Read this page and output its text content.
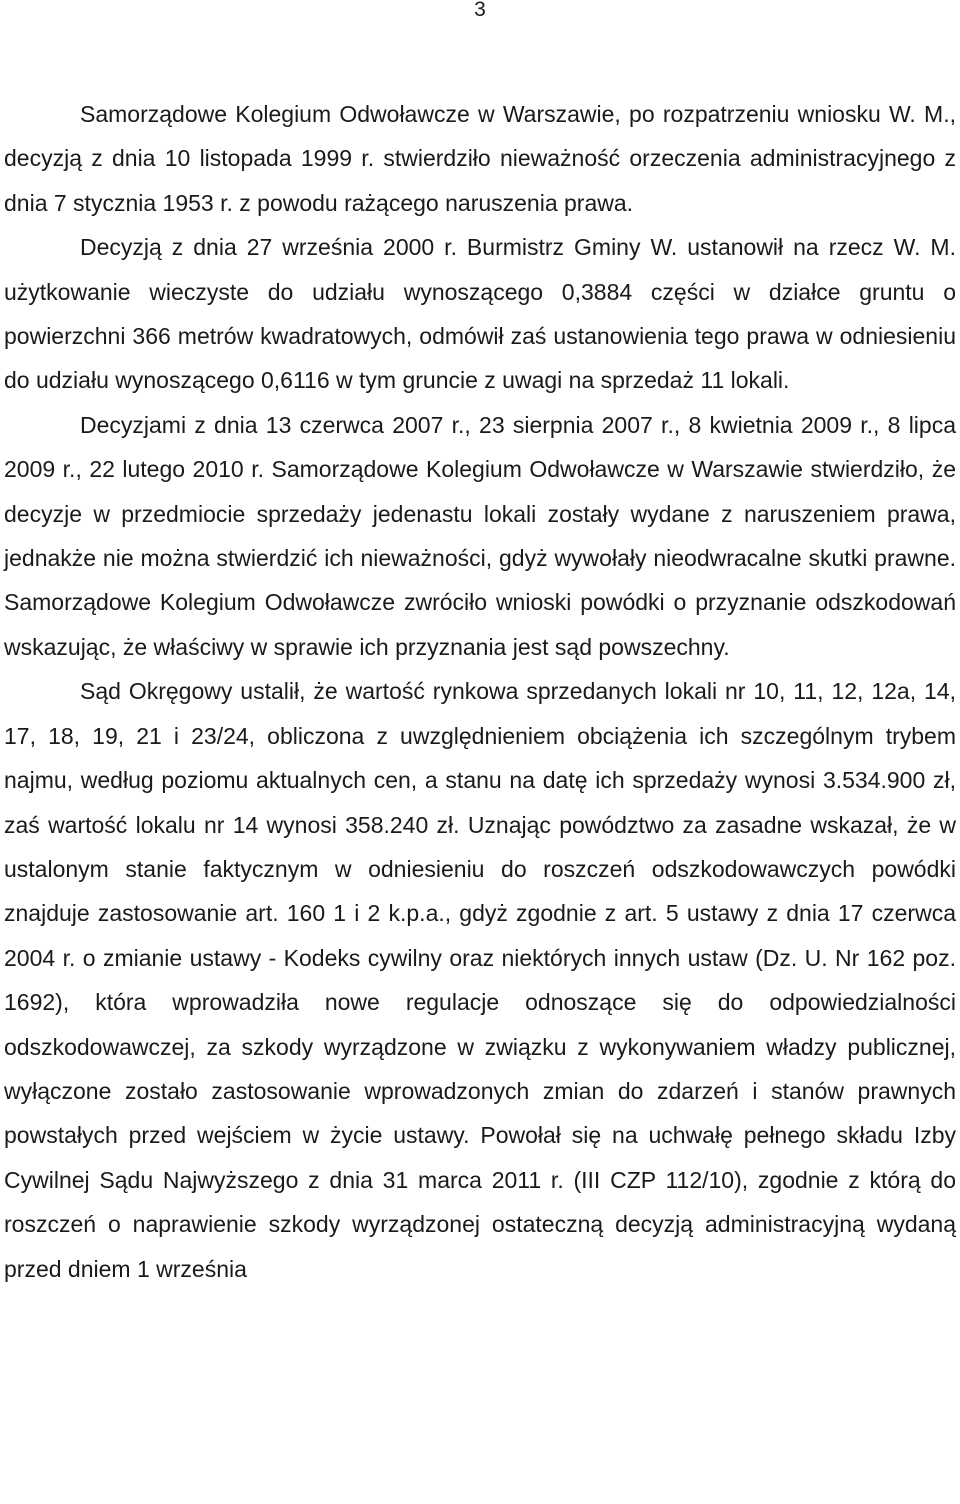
3

Samorządowe Kolegium Odwoławcze w Warszawie, po rozpatrzeniu wniosku W. M., decyzją z dnia 10 listopada 1999 r. stwierdziło nieważność orzeczenia administracyjnego z dnia 7 stycznia 1953 r. z powodu rażącego naruszenia prawa.

Decyzją z dnia 27 września 2000 r. Burmistrz Gminy W. ustanowił na rzecz W. M. użytkowanie wieczyste do udziału wynoszącego 0,3884 części w działce gruntu o powierzchni 366 metrów kwadratowych, odmówił zaś ustanowienia tego prawa w odniesieniu do udziału wynoszącego 0,6116 w tym gruncie z uwagi na sprzedaż 11 lokali.

Decyzjami z dnia 13 czerwca 2007 r., 23 sierpnia 2007 r., 8 kwietnia 2009 r., 8 lipca 2009 r., 22 lutego 2010 r. Samorządowe Kolegium Odwoławcze w Warszawie stwierdziło, że decyzje w przedmiocie sprzedaży jedenastu lokali zostały wydane z naruszeniem prawa, jednakże nie można stwierdzić ich nieważności, gdyż wywołały nieodwracalne skutki prawne. Samorządowe Kolegium Odwoławcze zwróciło wnioski powódki o przyznanie odszkodowań wskazując, że właściwy w sprawie ich przyznania jest sąd powszechny.

Sąd Okręgowy ustalił, że wartość rynkowa sprzedanych lokali nr 10, 11, 12, 12a, 14, 17, 18, 19, 21 i 23/24, obliczona z uwzględnieniem obciążenia ich szczególnym trybem najmu, według poziomu aktualnych cen, a stanu na datę ich sprzedaży wynosi 3.534.900 zł, zaś wartość lokalu nr 14 wynosi 358.240 zł. Uznając powództwo za zasadne wskazał, że w ustalonym stanie faktycznym w odniesieniu do roszczeń odszkodowawczych powódki znajduje zastosowanie art. 160 1 i 2 k.p.a., gdyż zgodnie z art. 5 ustawy z dnia 17 czerwca 2004 r. o zmianie ustawy - Kodeks cywilny oraz niektórych innych ustaw (Dz. U. Nr 162 poz. 1692), która wprowadziła nowe regulacje odnoszące się do odpowiedzialności odszkodowawczej, za szkody wyrządzone w związku z wykonywaniem władzy publicznej, wyłączone zostało zastosowanie wprowadzonych zmian do zdarzeń i stanów prawnych powstałych przed wejściem w życie ustawy. Powołał się na uchwałę pełnego składu Izby Cywilnej Sądu Najwyższego z dnia 31 marca 2011 r. (III CZP 112/10), zgodnie z którą do roszczeń o naprawienie szkody wyrządzonej ostateczną decyzją administracyjną wydaną przed dniem 1 września
